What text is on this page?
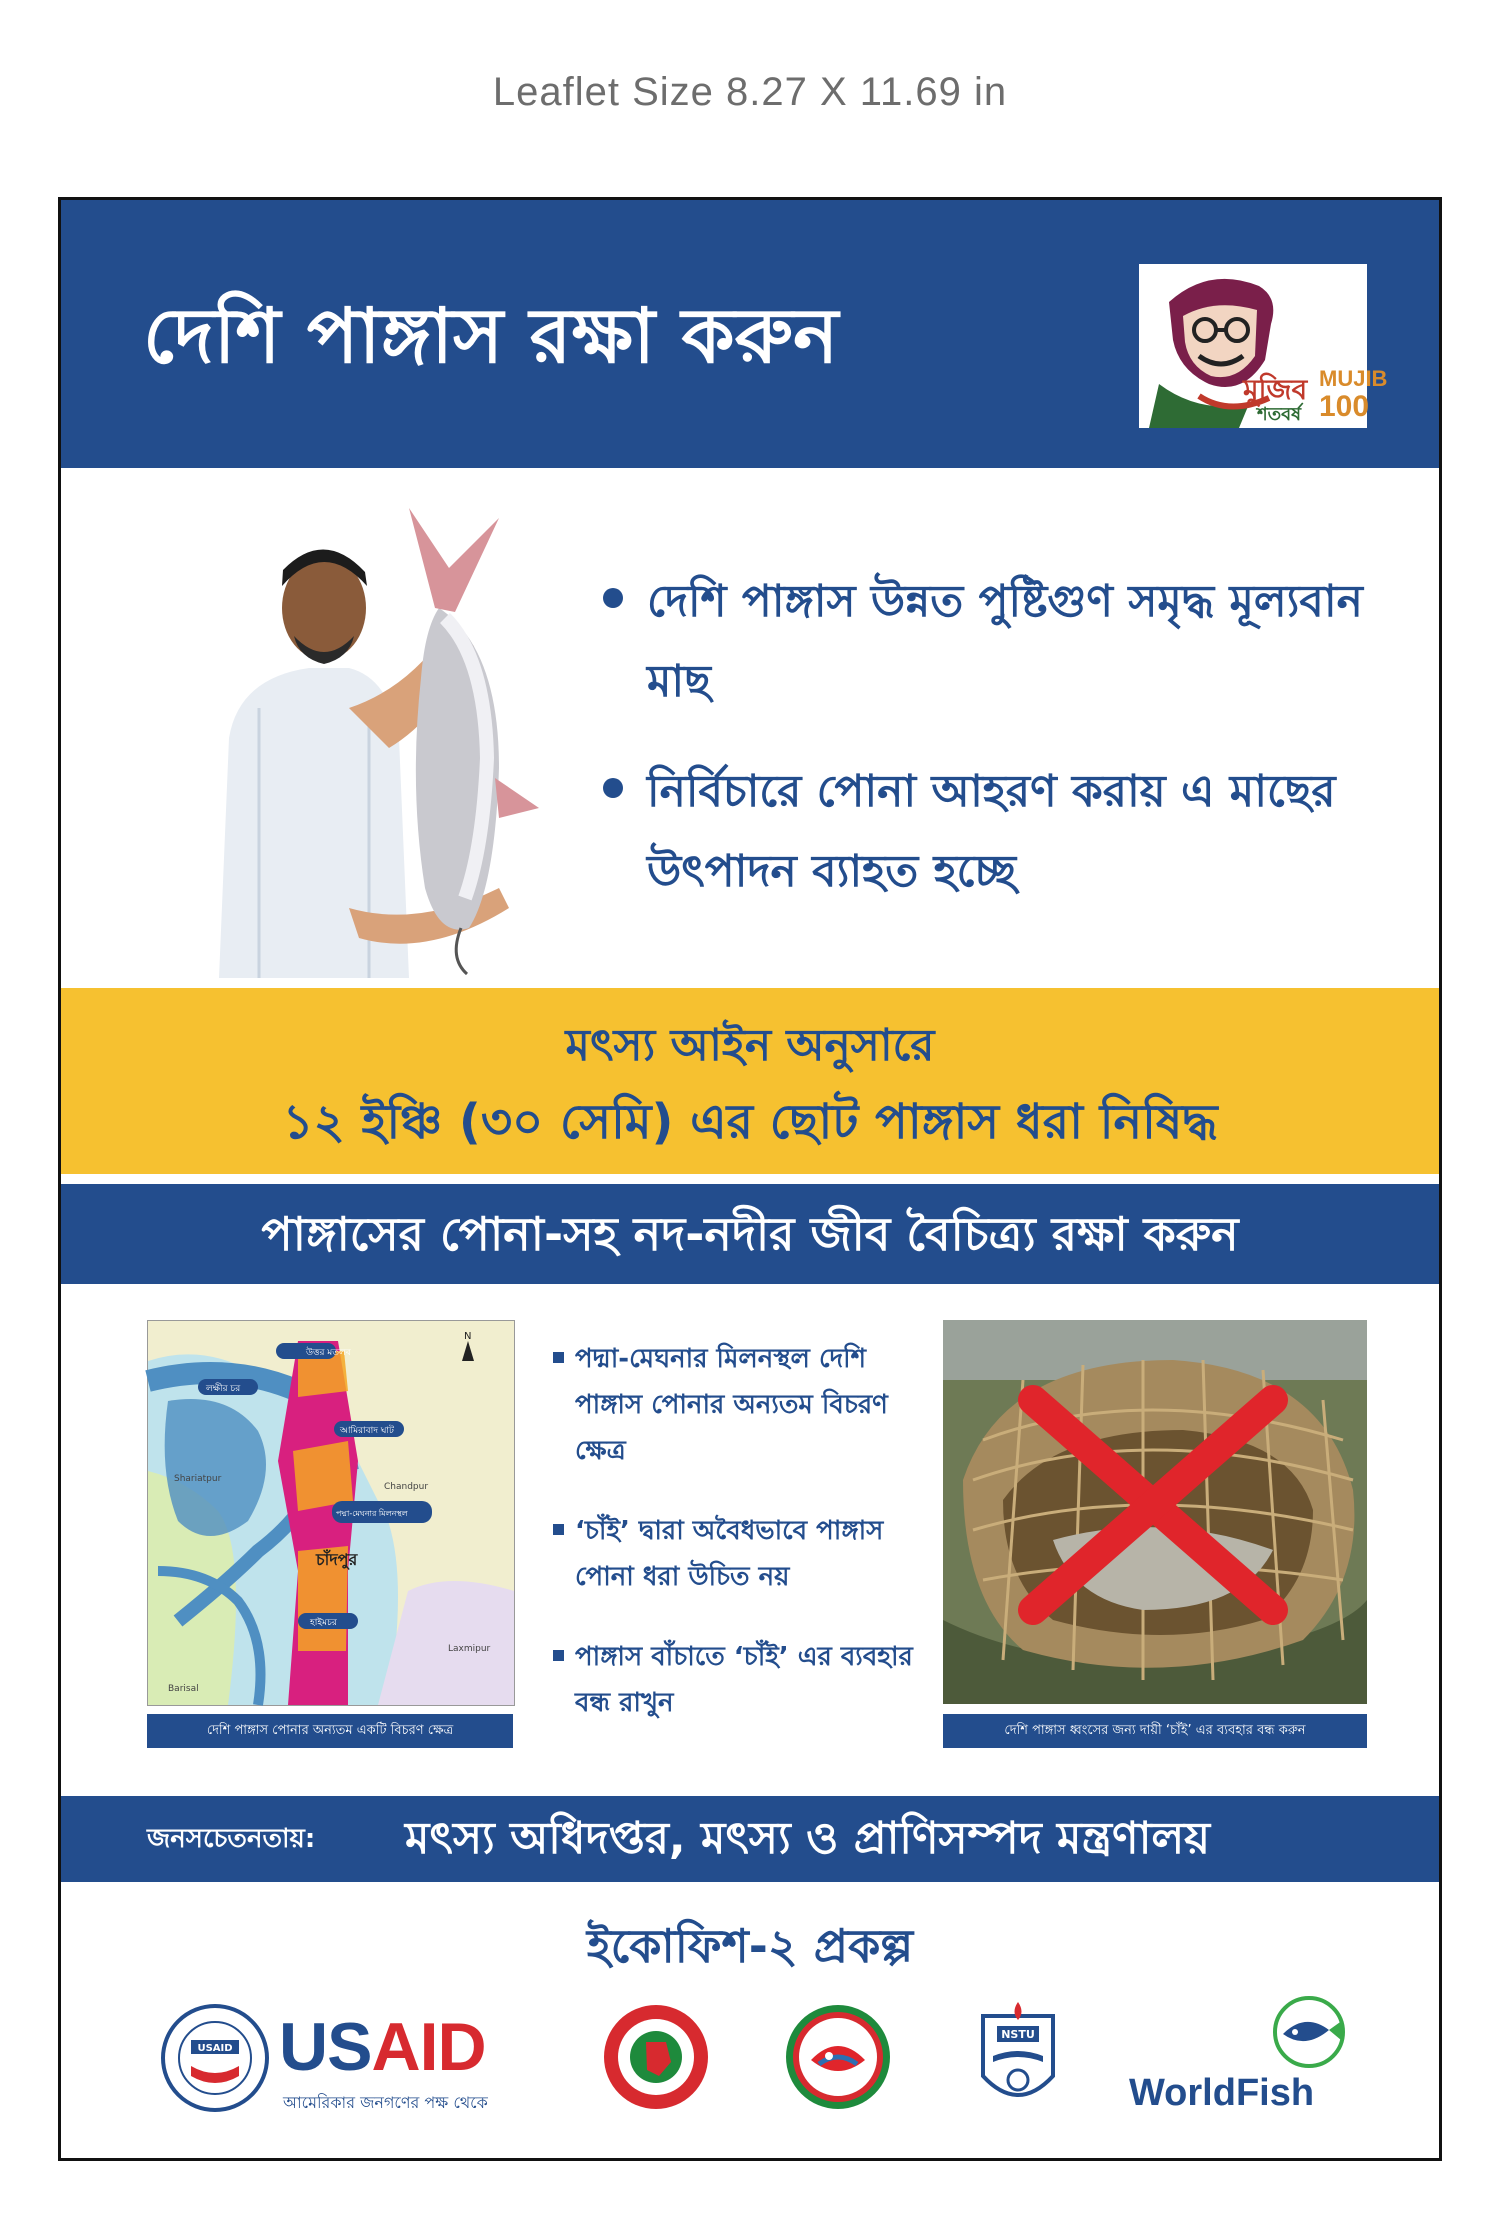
Leaflet Size 8.27 X 11.69 in
দেশি পাঙ্গাস রক্ষা করুন
মুজিব
শতবর্ষ
MUJIB
100
দেশি পাঙ্গাস উন্নত পুষ্টিগুণ সমৃদ্ধ মূল্যবান মাছ
নির্বিচারে পোনা আহরণ করায় এ মাছের উৎপাদন ব্যাহত হচ্ছে
মৎস্য আইন অনুসারে
১২ ইঞ্চি (৩০ সেমি) এর ছোট পাঙ্গাস ধরা নিষিদ্ধ
পাঙ্গাসের পোনা-সহ নদ-নদীর জীব বৈচিত্র্য রক্ষা করুন
উত্তর মতলব
লক্ষীর চর
আমিরাবাদ ঘাট
পদ্মা-মেঘনার মিলনস্থল
চাঁদপুর
হাইমচর
Shariatpur
Chandpur
Barisal
Laxmipur
N
দেশি পাঙ্গাস পোনার অন্যতম একটি বিচরণ ক্ষেত্র
পদ্মা-মেঘনার মিলনস্থল দেশি পাঙ্গাস পোনার অন্যতম বিচরণ ক্ষেত্র
‘চাঁই’ দ্বারা অবৈধভাবে পাঙ্গাস পোনা ধরা উচিত নয়
পাঙ্গাস বাঁচাতে ‘চাঁই’ এর ব্যবহার বন্ধ রাখুন
দেশি পাঙ্গাস ধ্বংসের জন্য দায়ী ‘চাঁই’ এর ব্যবহার বন্ধ করুন
জনসচেতনতায়: মৎস্য অধিদপ্তর, মৎস্য ও প্রাণিসম্পদ মন্ত্রণালয়
ইকোফিশ-২ প্রকল্প
USAID USAID
আমেরিকার জনগণের পক্ষ থেকে
NSTU
WorldFish
